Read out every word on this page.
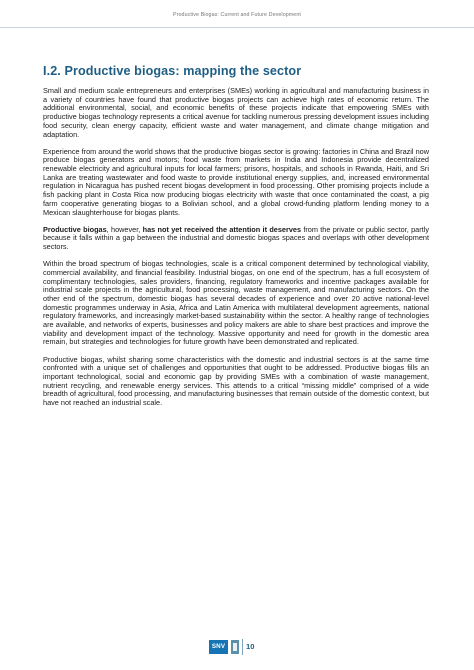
Productive Biogas: Current and Future Development
I.2. Productive biogas: mapping the sector

Small and medium scale entrepreneurs and enterprises (SMEs) working in agricultural and manufacturing business in a variety of countries have found that productive biogas projects can achieve high rates of economic return. The additional environmental, social, and economic benefits of these projects indicate that empowering SMEs with productive biogas technology represents a critical avenue for tackling numerous pressing development issues including food security, clean energy capacity, efficient waste and water management, and climate change mitigation and adaptation.

Experience from around the world shows that the productive biogas sector is growing: factories in China and Brazil now produce biogas generators and motors; food waste from markets in India and Indonesia provide decentralized renewable electricity and agricultural inputs for local farmers; prisons, hospitals, and schools in Rwanda, Haiti, and Sri Lanka are treating wastewater and food waste to provide institutional energy supplies, and, increased environmental regulation in Nicaragua has pushed recent biogas development in food processing. Other promising projects include a fish packing plant in Costa Rica now producing biogas electricity with waste that once contaminated the coast, a pig farm cooperative generating biogas to a Bolivian school, and a global crowd-funding platform lending money to a Mexican slaughterhouse for biogas plants.

Productive biogas, however, has not yet received the attention it deserves from the private or public sector, partly because it falls within a gap between the industrial and domestic biogas spaces and overlaps with other development sectors.

Within the broad spectrum of biogas technologies, scale is a critical component determined by technological viability, commercial availability, and financial feasibility. Industrial biogas, on one end of the spectrum, has a full ecosystem of complimentary technologies, sales providers, financing, regulatory frameworks and incentive packages available for industrial scale projects in the agricultural, food processing, waste management, and manufacturing sectors. On the other end of the spectrum, domestic biogas has several decades of experience and over 20 active national-level domestic programmes underway in Asia, Africa and Latin America with multilateral development agreements, national regulatory frameworks, and increasingly market-based sustainability within the sector. A healthy range of technologies are available, and networks of experts, businesses and policy makers are able to share best practices and improve the viability and development impact of the technology. Massive opportunity and need for growth in the domestic area remain, but strategies and technologies for future growth have been demonstrated and replicated.

Productive biogas, whilst sharing some characteristics with the domestic and industrial sectors is at the same time confronted with a unique set of challenges and opportunities that ought to be addressed. Productive biogas fills an important technological, social and economic gap by providing SMEs with a combination of waste management, nutrient recycling, and renewable energy services. This attends to a critical “missing middle” comprised of a wide breadth of agricultural, food processing, and manufacturing businesses that remain outside of the domestic context, but have not reached an industrial scale.

SNV	10
